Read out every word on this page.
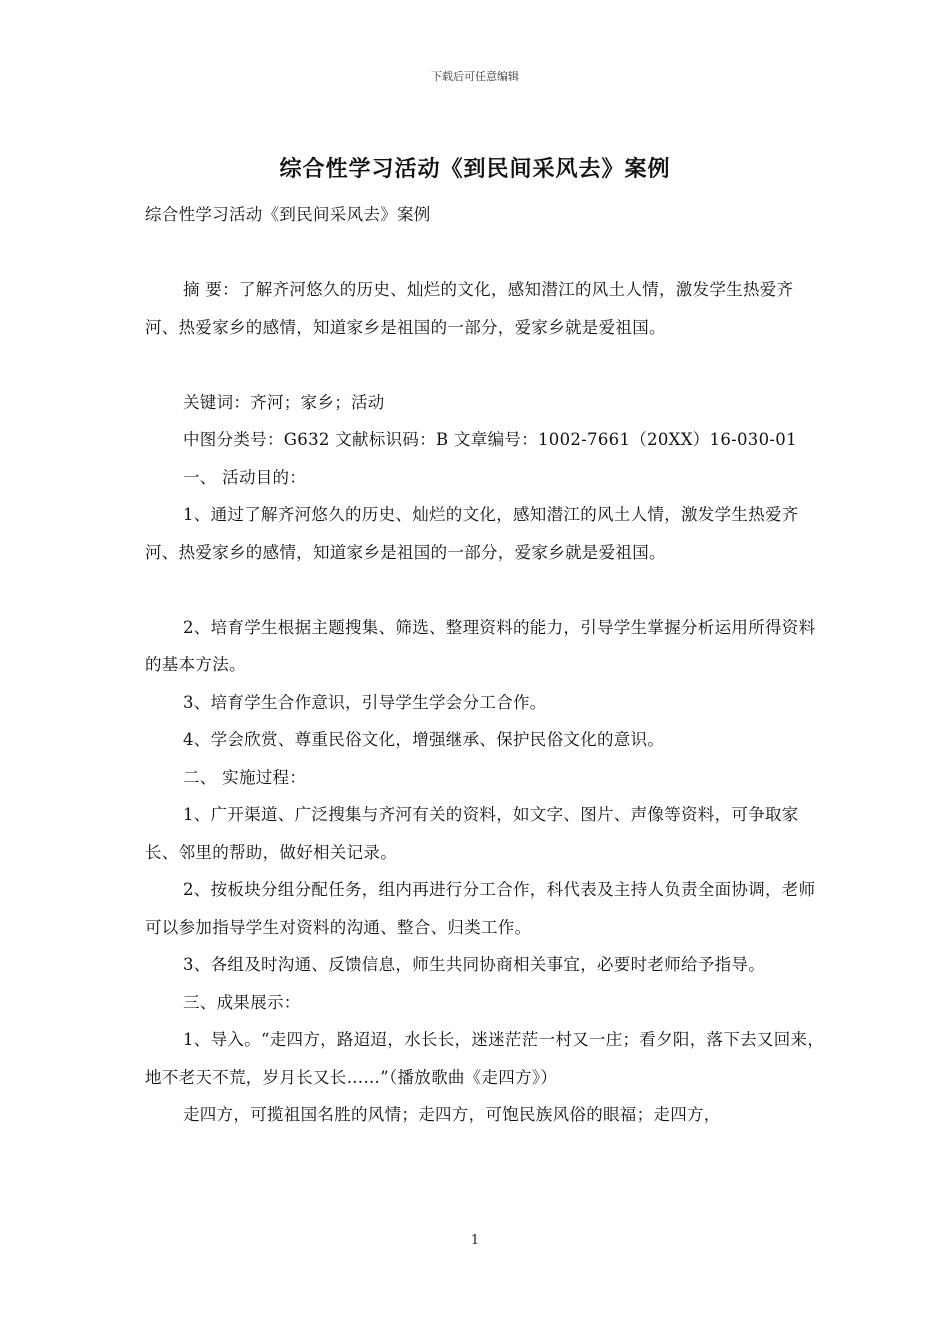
下载后可任意编辑
综合性学习活动《到民间采风去》案例

综合性学习活动《到民间采风去》案例

摘 要：了解齐河悠久的历史、灿烂的文化，感知潜江的风土人情，激发学生热爱齐河、热爱家乡的感情，知道家乡是祖国的一部分，爱家乡就是爱祖国。

关键词：齐河；家乡；活动

中图分类号：G632 文献标识码：B 文章编号：1002-7661（20XX）16-030-01

一、 活动目的：

1、通过了解齐河悠久的历史、灿烂的文化，感知潜江的风土人情，激发学生热爱齐河、热爱家乡的感情，知道家乡是祖国的一部分，爱家乡就是爱祖国。

2、培育学生根据主题搜集、筛选、整理资料的能力，引导学生掌握分析运用所得资料的基本方法。

3、培育学生合作意识，引导学生学会分工合作。

4、学会欣赏、尊重民俗文化，增强继承、保护民俗文化的意识。

二、 实施过程：

1、广开渠道、广泛搜集与齐河有关的资料，如文字、图片、声像等资料，可争取家长、邻里的帮助，做好相关记录。

2、按板块分组分配任务，组内再进行分工合作，科代表及主持人负责全面协调，老师可以参加指导学生对资料的沟通、整合、归类工作。

3、各组及时沟通、反馈信息，师生共同协商相关事宜，必要时老师给予指导。

三、成果展示：

1、导入。“走四方，路迢迢，水长长，迷迷茫茫一村又一庄；看夕阳，落下去又回来，地不老天不荒，岁月长又长……”（播放歌曲《走四方》）

走四方，可揽祖国名胜的风情；走四方，可饱民族风俗的眼福；走四方，

1
